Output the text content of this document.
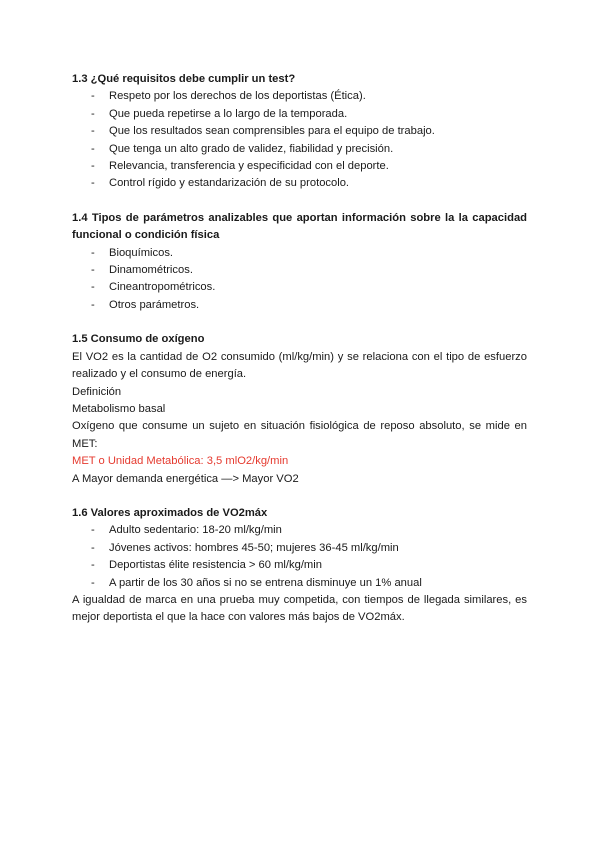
1.3 ¿Qué requisitos debe cumplir un test?

- Respeto por los derechos de los deportistas (Ética).
- Que pueda repetirse a lo largo de la temporada.
- Que los resultados sean comprensibles para el equipo de trabajo.
- Que tenga un alto grado de validez, fiabilidad y precisión.
- Relevancia, transferencia y especificidad con el deporte.
- Control rígido y estandarización de su protocolo.

1.4 Tipos de parámetros analizables que aportan información sobre la la capacidad funcional o condición física

- Bioquímicos.
- Dinamométricos.
- Cineantropométricos.
- Otros parámetros.

1.5 Consumo de oxígeno

El VO2 es la cantidad de O2 consumido (ml/kg/min) y se relaciona con el tipo de esfuerzo realizado y el consumo de energía.

Definición

Metabolismo basal

Oxígeno que consume un sujeto en situación fisiológica de reposo absoluto, se mide en MET:

MET o Unidad Metabólica: 3,5 mlO2/kg/min

A Mayor demanda energética —> Mayor VO2

1.6 Valores aproximados de VO2máx

- Adulto sedentario: 18-20 ml/kg/min
- Jóvenes activos: hombres 45-50; mujeres 36-45 ml/kg/min
- Deportistas élite resistencia > 60 ml/kg/min
- A partir de los 30 años si no se entrena disminuye un 1% anual

A igualdad de marca en una prueba muy competida, con tiempos de llegada similares, es mejor deportista el que la hace con valores más bajos de VO2máx.
